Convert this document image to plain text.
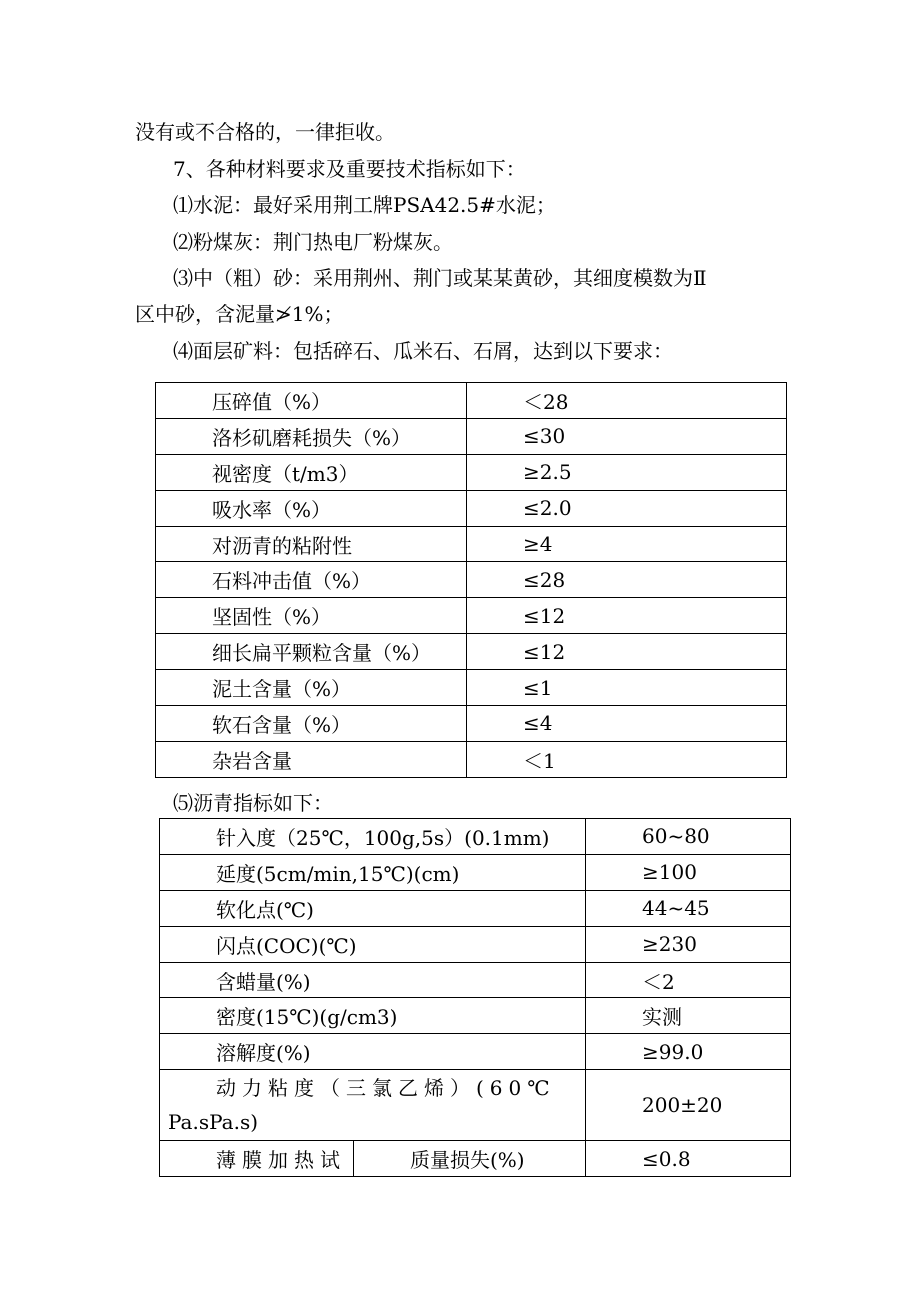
没有或不合格的，一律拒收。
7、各种材料要求及重要技术指标如下：
⑴水泥：最好采用荆工牌PSA42.5#水泥；
⑵粉煤灰：荆门热电厂粉煤灰。
⑶中（粗）砂：采用荆州、荆门或某某黄砂，其细度模数为Ⅱ
区中砂，含泥量≯1%；
⑷面层矿料：包括碎石、瓜米石、石屑，达到以下要求：
压碎值（%）	＜28
洛杉矶磨耗损失（%）	≤30
视密度（t/m3）	≥2.5
吸水率（%）	≤2.0
对沥青的粘附性	≥4
石料冲击值（%）	≤28
坚固性（%）	≤12
细长扁平颗粒含量（%）	≤12
泥土含量（%）	≤1
软石含量（%）	≤4
杂岩含量	＜1
⑸沥青指标如下：
针入度（25℃，100g,5s）(0.1mm)		60~80
延度(5cm/min,15℃)(cm)		≥100
软化点(℃)		44~45
闪点(COC)(℃)		≥230
含蜡量(%)		＜2
密度(15℃)(g/cm3)		实测
溶解度(%)		≥99.0
动力粘度（三氯乙烯）(60℃
Pa.sPa.s)		200±20
薄膜加热试	质量损失(%)	≤0.8
